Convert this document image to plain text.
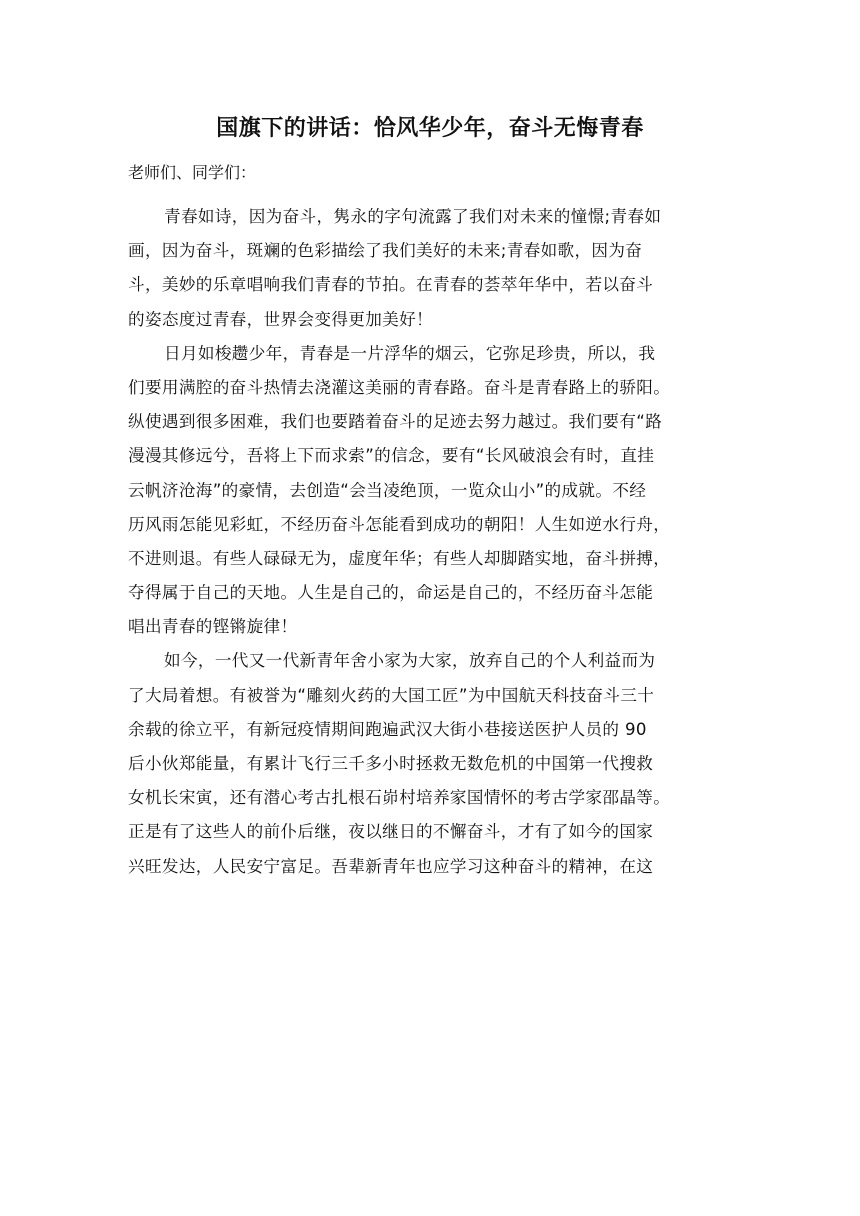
国旗下的讲话：恰风华少年，奋斗无悔青春
老师们、同学们：
青春如诗，因为奋斗，隽永的字句流露了我们对未来的憧憬;青春如
画，因为奋斗，斑斓的色彩描绘了我们美好的未来;青春如歌，因为奋
斗，美妙的乐章唱响我们青春的节拍。在青春的荟萃年华中，若以奋斗
的姿态度过青春，世界会变得更加美好！
日月如梭趱少年，青春是一片浮华的烟云，它弥足珍贵，所以，我
们要用满腔的奋斗热情去浇灌这美丽的青春路。奋斗是青春路上的骄阳。
纵使遇到很多困难，我们也要踏着奋斗的足迹去努力越过。我们要有“路
漫漫其修远兮，吾将上下而求索”的信念，要有“长风破浪会有时，直挂
云帆济沧海”的豪情，去创造“会当凌绝顶，一览众山小”的成就。不经
历风雨怎能见彩虹，不经历奋斗怎能看到成功的朝阳！人生如逆水行舟，
不进则退。有些人碌碌无为，虚度年华；有些人却脚踏实地，奋斗拼搏，
夺得属于自己的天地。人生是自己的，命运是自己的，不经历奋斗怎能
唱出青春的铿锵旋律！
如今，一代又一代新青年舍小家为大家，放弃自己的个人利益而为
了大局着想。有被誉为“雕刻火药的大国工匠”为中国航天科技奋斗三十
余载的徐立平，有新冠疫情期间跑遍武汉大街小巷接送医护人员的 90
后小伙郑能量，有累计飞行三千多小时拯救无数危机的中国第一代搜救
女机长宋寅，还有潜心考古扎根石峁村培养家国情怀的考古学家邵晶等。
正是有了这些人的前仆后继，夜以继日的不懈奋斗，才有了如今的国家
兴旺发达，人民安宁富足。吾辈新青年也应学习这种奋斗的精神，在这
